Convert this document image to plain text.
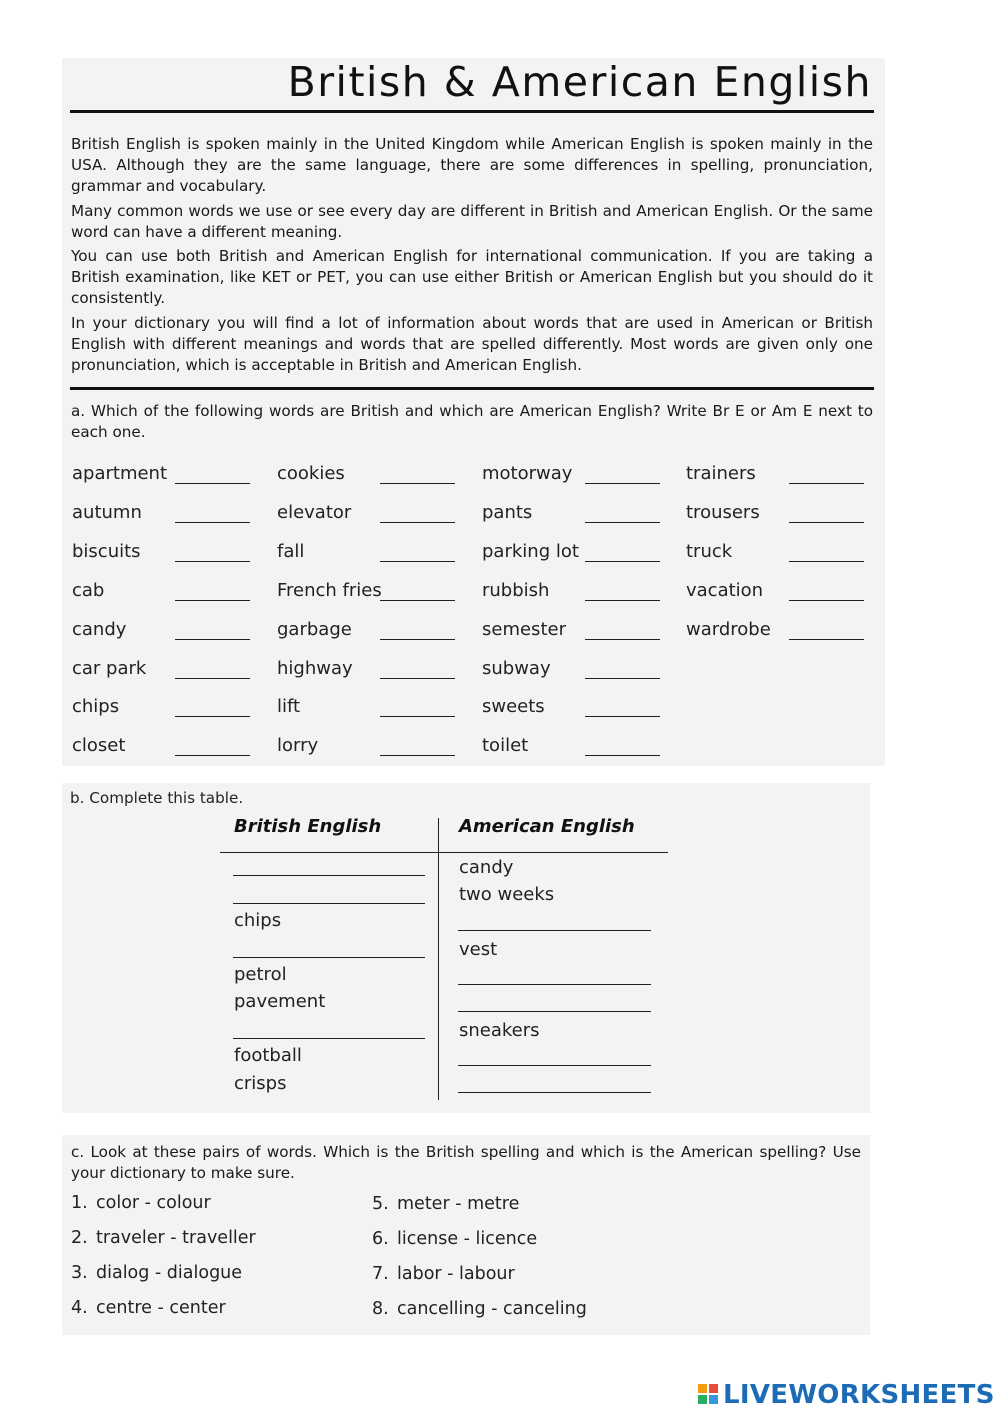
British & American English

British English is spoken mainly in the United Kingdom while American English is spoken mainly in the USA. Although they are the same language, there are some differences in spelling, pronunciation, grammar and vocabulary.

Many common words we use or see every day are different in British and American English. Or the same word can have a different meaning.

You can use both British and American English for international communication. If you are taking a British examination, like KET or PET, you can use either British or American English but you should do it consistently.

In your dictionary you will find a lot of information about words that are used in American or British English with different meanings and words that are spelled differently. Most words are given only one pronunciation, which is acceptable in British and American English.

a. Which of the following words are British and which are American English? Write Br E or Am E next to each one.

apartment
autumn
biscuits
cab
candy
car park
chips
closet
cookies
elevator
fall
French fries
garbage
highway
lift
lorry
motorway
pants
parking lot
rubbish
semester
subway
sweets
toilet
trainers
trousers
truck
vacation
wardrobe
b. Complete this table.
British English	American English
chips
petrol
pavement
football
crisps
candy
two weeks
vest
sneakers

c. Look at these pairs of words. Which is the British spelling and which is the American spelling? Use your dictionary to make sure.

1. color - colour
2. traveler - traveller
3. dialog - dialogue
4. centre - center
5. meter - metre
6. license - licence
7. labor - labour
8. cancelling - canceling
LIVEWORKSHEETS
